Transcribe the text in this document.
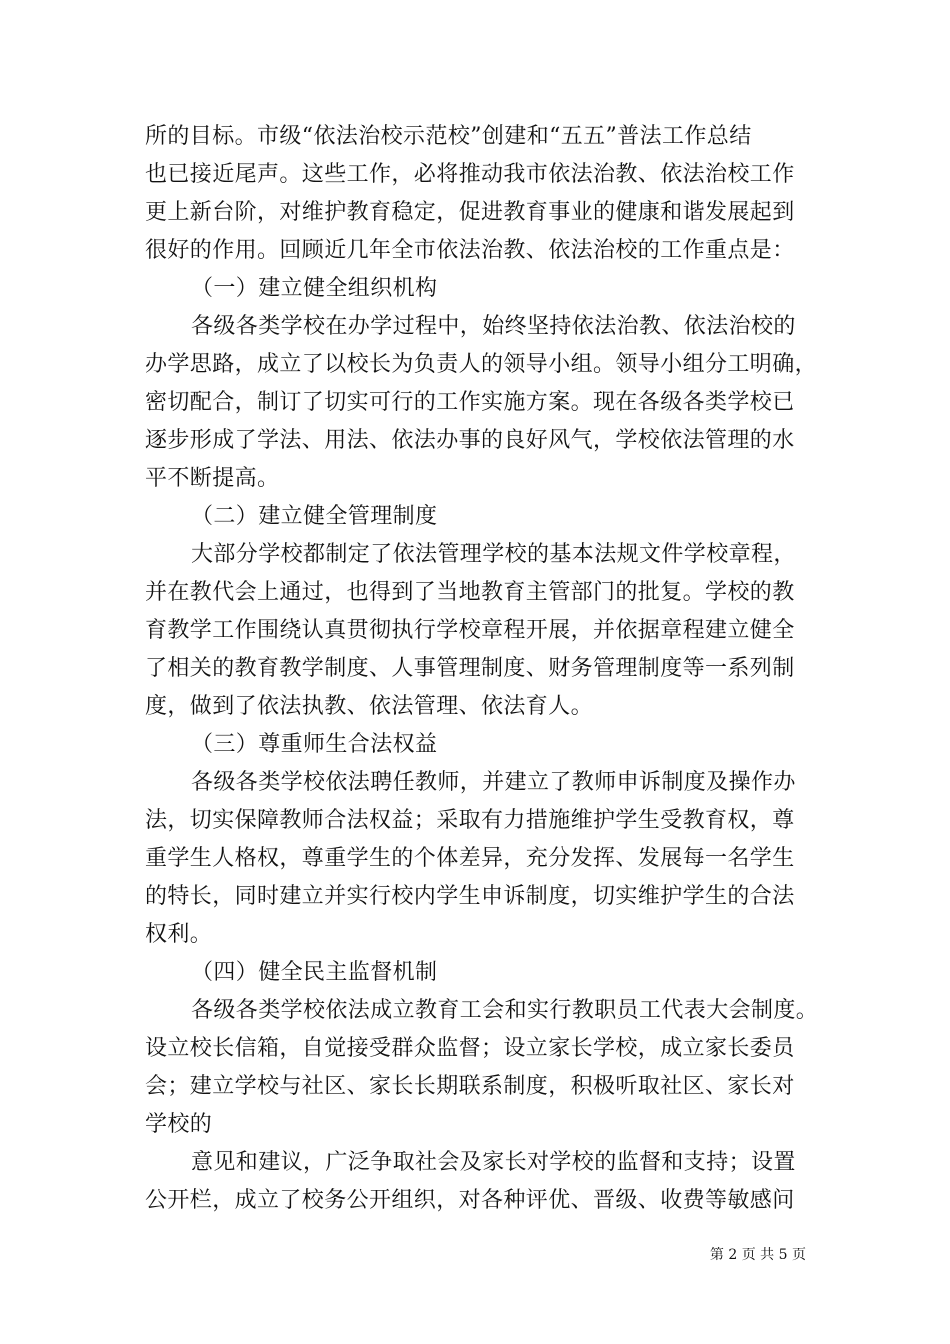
所的目标。市级“依法治校示范校”创建和“五五”普法工作总结
也已接近尾声。这些工作，必将推动我市依法治教、依法治校工作
更上新台阶，对维护教育稳定，促进教育事业的健康和谐发展起到
很好的作用。回顾近几年全市依法治教、依法治校的工作重点是：
（一）建立健全组织机构
各级各类学校在办学过程中，始终坚持依法治教、依法治校的
办学思路，成立了以校长为负责人的领导小组。领导小组分工明确，
密切配合，制订了切实可行的工作实施方案。现在各级各类学校已
逐步形成了学法、用法、依法办事的良好风气，学校依法管理的水
平不断提高。
（二）建立健全管理制度
大部分学校都制定了依法管理学校的基本法规文件学校章程，
并在教代会上通过，也得到了当地教育主管部门的批复。学校的教
育教学工作围绕认真贯彻执行学校章程开展，并依据章程建立健全
了相关的教育教学制度、人事管理制度、财务管理制度等一系列制
度，做到了依法执教、依法管理、依法育人。
（三）尊重师生合法权益
各级各类学校依法聘任教师，并建立了教师申诉制度及操作办
法，切实保障教师合法权益；采取有力措施维护学生受教育权，尊
重学生人格权，尊重学生的个体差异，充分发挥、发展每一名学生
的特长，同时建立并实行校内学生申诉制度，切实维护学生的合法
权利。
（四）健全民主监督机制
各级各类学校依法成立教育工会和实行教职员工代表大会制度。
设立校长信箱，自觉接受群众监督；设立家长学校，成立家长委员
会；建立学校与社区、家长长期联系制度，积极听取社区、家长对
学校的
意见和建议，广泛争取社会及家长对学校的监督和支持；设置
公开栏，成立了校务公开组织，对各种评优、晋级、收费等敏感问
第 2 页 共 5 页
